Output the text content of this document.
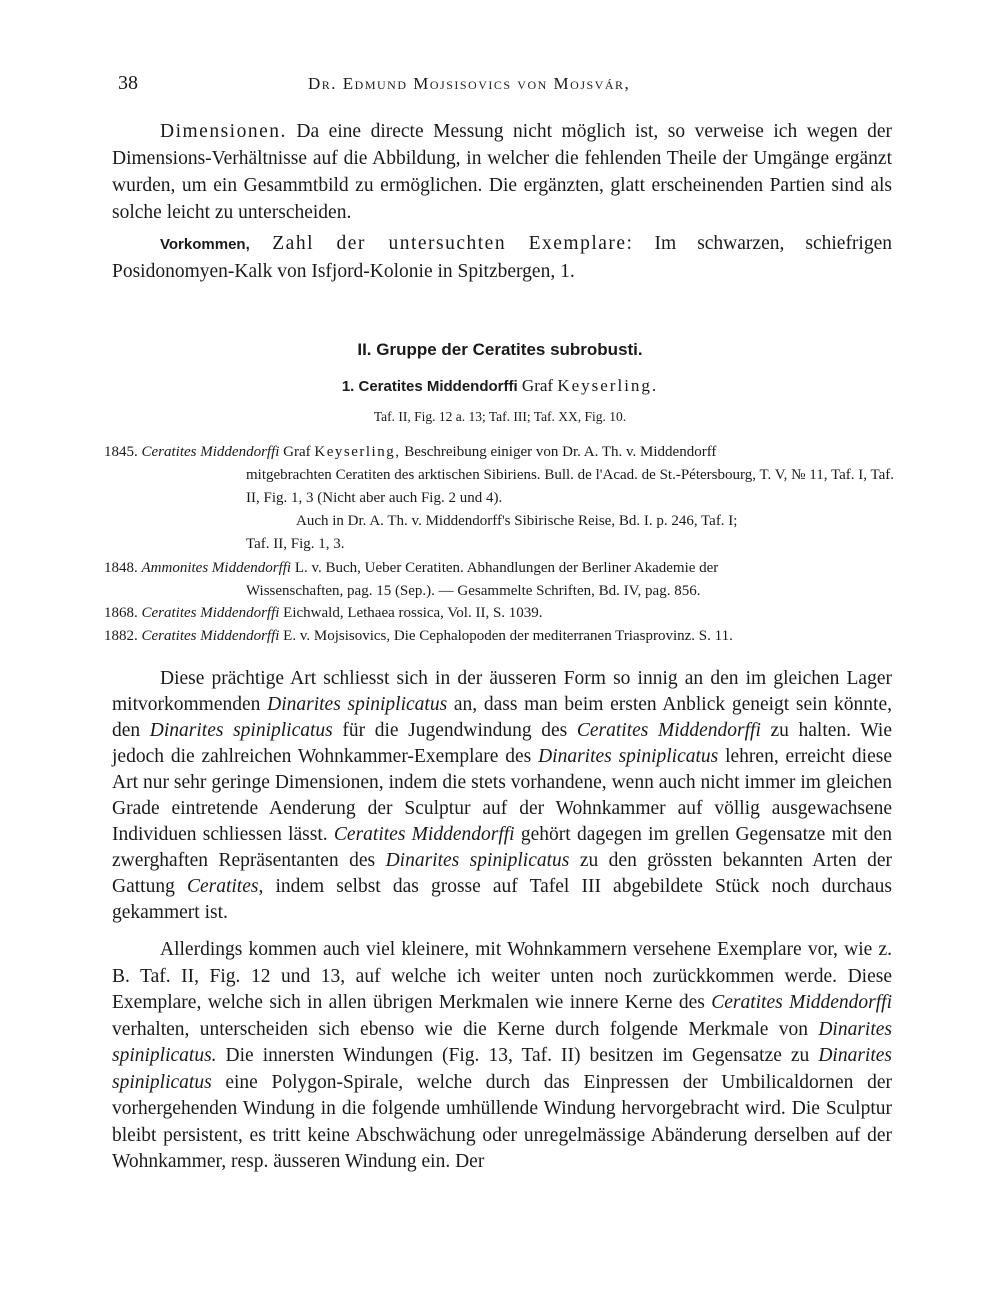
38	Dr. Edmund Mojsisovics von Mojsvár,
Dimensionen. Da eine directe Messung nicht möglich ist, so verweise ich wegen der Dimensions-Verhältnisse auf die Abbildung, in welcher die fehlenden Theile der Umgänge ergänzt wurden, um ein Gesammtbild zu ermöglichen. Die ergänzten, glatt erscheinenden Partien sind als solche leicht zu unterscheiden.
Vorkommen, Zahl der untersuchten Exemplare: Im schwarzen, schiefrigen Posidonomyen-Kalk von Isfjord-Kolonie in Spitzbergen, 1.
II. Gruppe der Ceratites subrobusti.
1. Ceratites Middendorffi Graf Keyserling.
Taf. II, Fig. 12 a. 13; Taf. III; Taf. XX, Fig. 10.
1845. Ceratites Middendorffi Graf Keyserling, Beschreibung einiger von Dr. A. Th. v. Middendorff
mitgebrachten Ceratiten des arktischen Sibiriens. Bull. de l'Acad. de St.-Pétersbourg, T. V, № 11, Taf. I, Taf. II, Fig. 1, 3 (Nicht aber auch Fig. 2 und 4).
Auch in Dr. A. Th. v. Middendorff's Sibirische Reise, Bd. I. p. 246, Taf. I;
Taf. II, Fig. 1, 3.
1848. Ammonites Middendorffi L. v. Buch, Ueber Ceratiten. Abhandlungen der Berliner Akademie der
Wissenschaften, pag. 15 (Sep.). — Gesammelte Schriften, Bd. IV, pag. 856.
1868. Ceratites Middendorffi Eichwald, Lethaea rossica, Vol. II, S. 1039.
1882. Ceratites Middendorffi E. v. Mojsisovics, Die Cephalopoden der mediterranen Triasprovinz. S. 11.
Diese prächtige Art schliesst sich in der äusseren Form so innig an den im gleichen Lager mitvorkommenden Dinarites spiniplicatus an, dass man beim ersten Anblick geneigt sein könnte, den Dinarites spiniplicatus für die Jugendwindung des Ceratites Middendorffi zu halten. Wie jedoch die zahlreichen Wohnkammer-Exemplare des Dinarites spiniplicatus lehren, erreicht diese Art nur sehr geringe Dimensionen, indem die stets vorhandene, wenn auch nicht immer im gleichen Grade eintretende Aenderung der Sculptur auf der Wohnkammer auf völlig ausgewachsene Individuen schliessen lässt. Ceratites Middendorffi gehört dagegen im grellen Gegensatze mit den zwerghaften Repräsentanten des Dinarites spiniplicatus zu den grössten bekannten Arten der Gattung Ceratites, indem selbst das grosse auf Tafel III abgebildete Stück noch durchaus gekammert ist.
Allerdings kommen auch viel kleinere, mit Wohnkammern versehene Exemplare vor, wie z. B. Taf. II, Fig. 12 und 13, auf welche ich weiter unten noch zurückkommen werde. Diese Exemplare, welche sich in allen übrigen Merkmalen wie innere Kerne des Ceratites Middendorffi verhalten, unterscheiden sich ebenso wie die Kerne durch folgende Merkmale von Dinarites spiniplicatus. Die innersten Windungen (Fig. 13, Taf. II) besitzen im Gegensatze zu Dinarites spiniplicatus eine Polygon-Spirale, welche durch das Einpressen der Umbilicaldornen der vorhergehenden Windung in die folgende umhüllende Windung hervorgebracht wird. Die Sculptur bleibt persistent, es tritt keine Abschwächung oder unregelmässige Abänderung derselben auf der Wohnkammer, resp. äusseren Windung ein. Der
